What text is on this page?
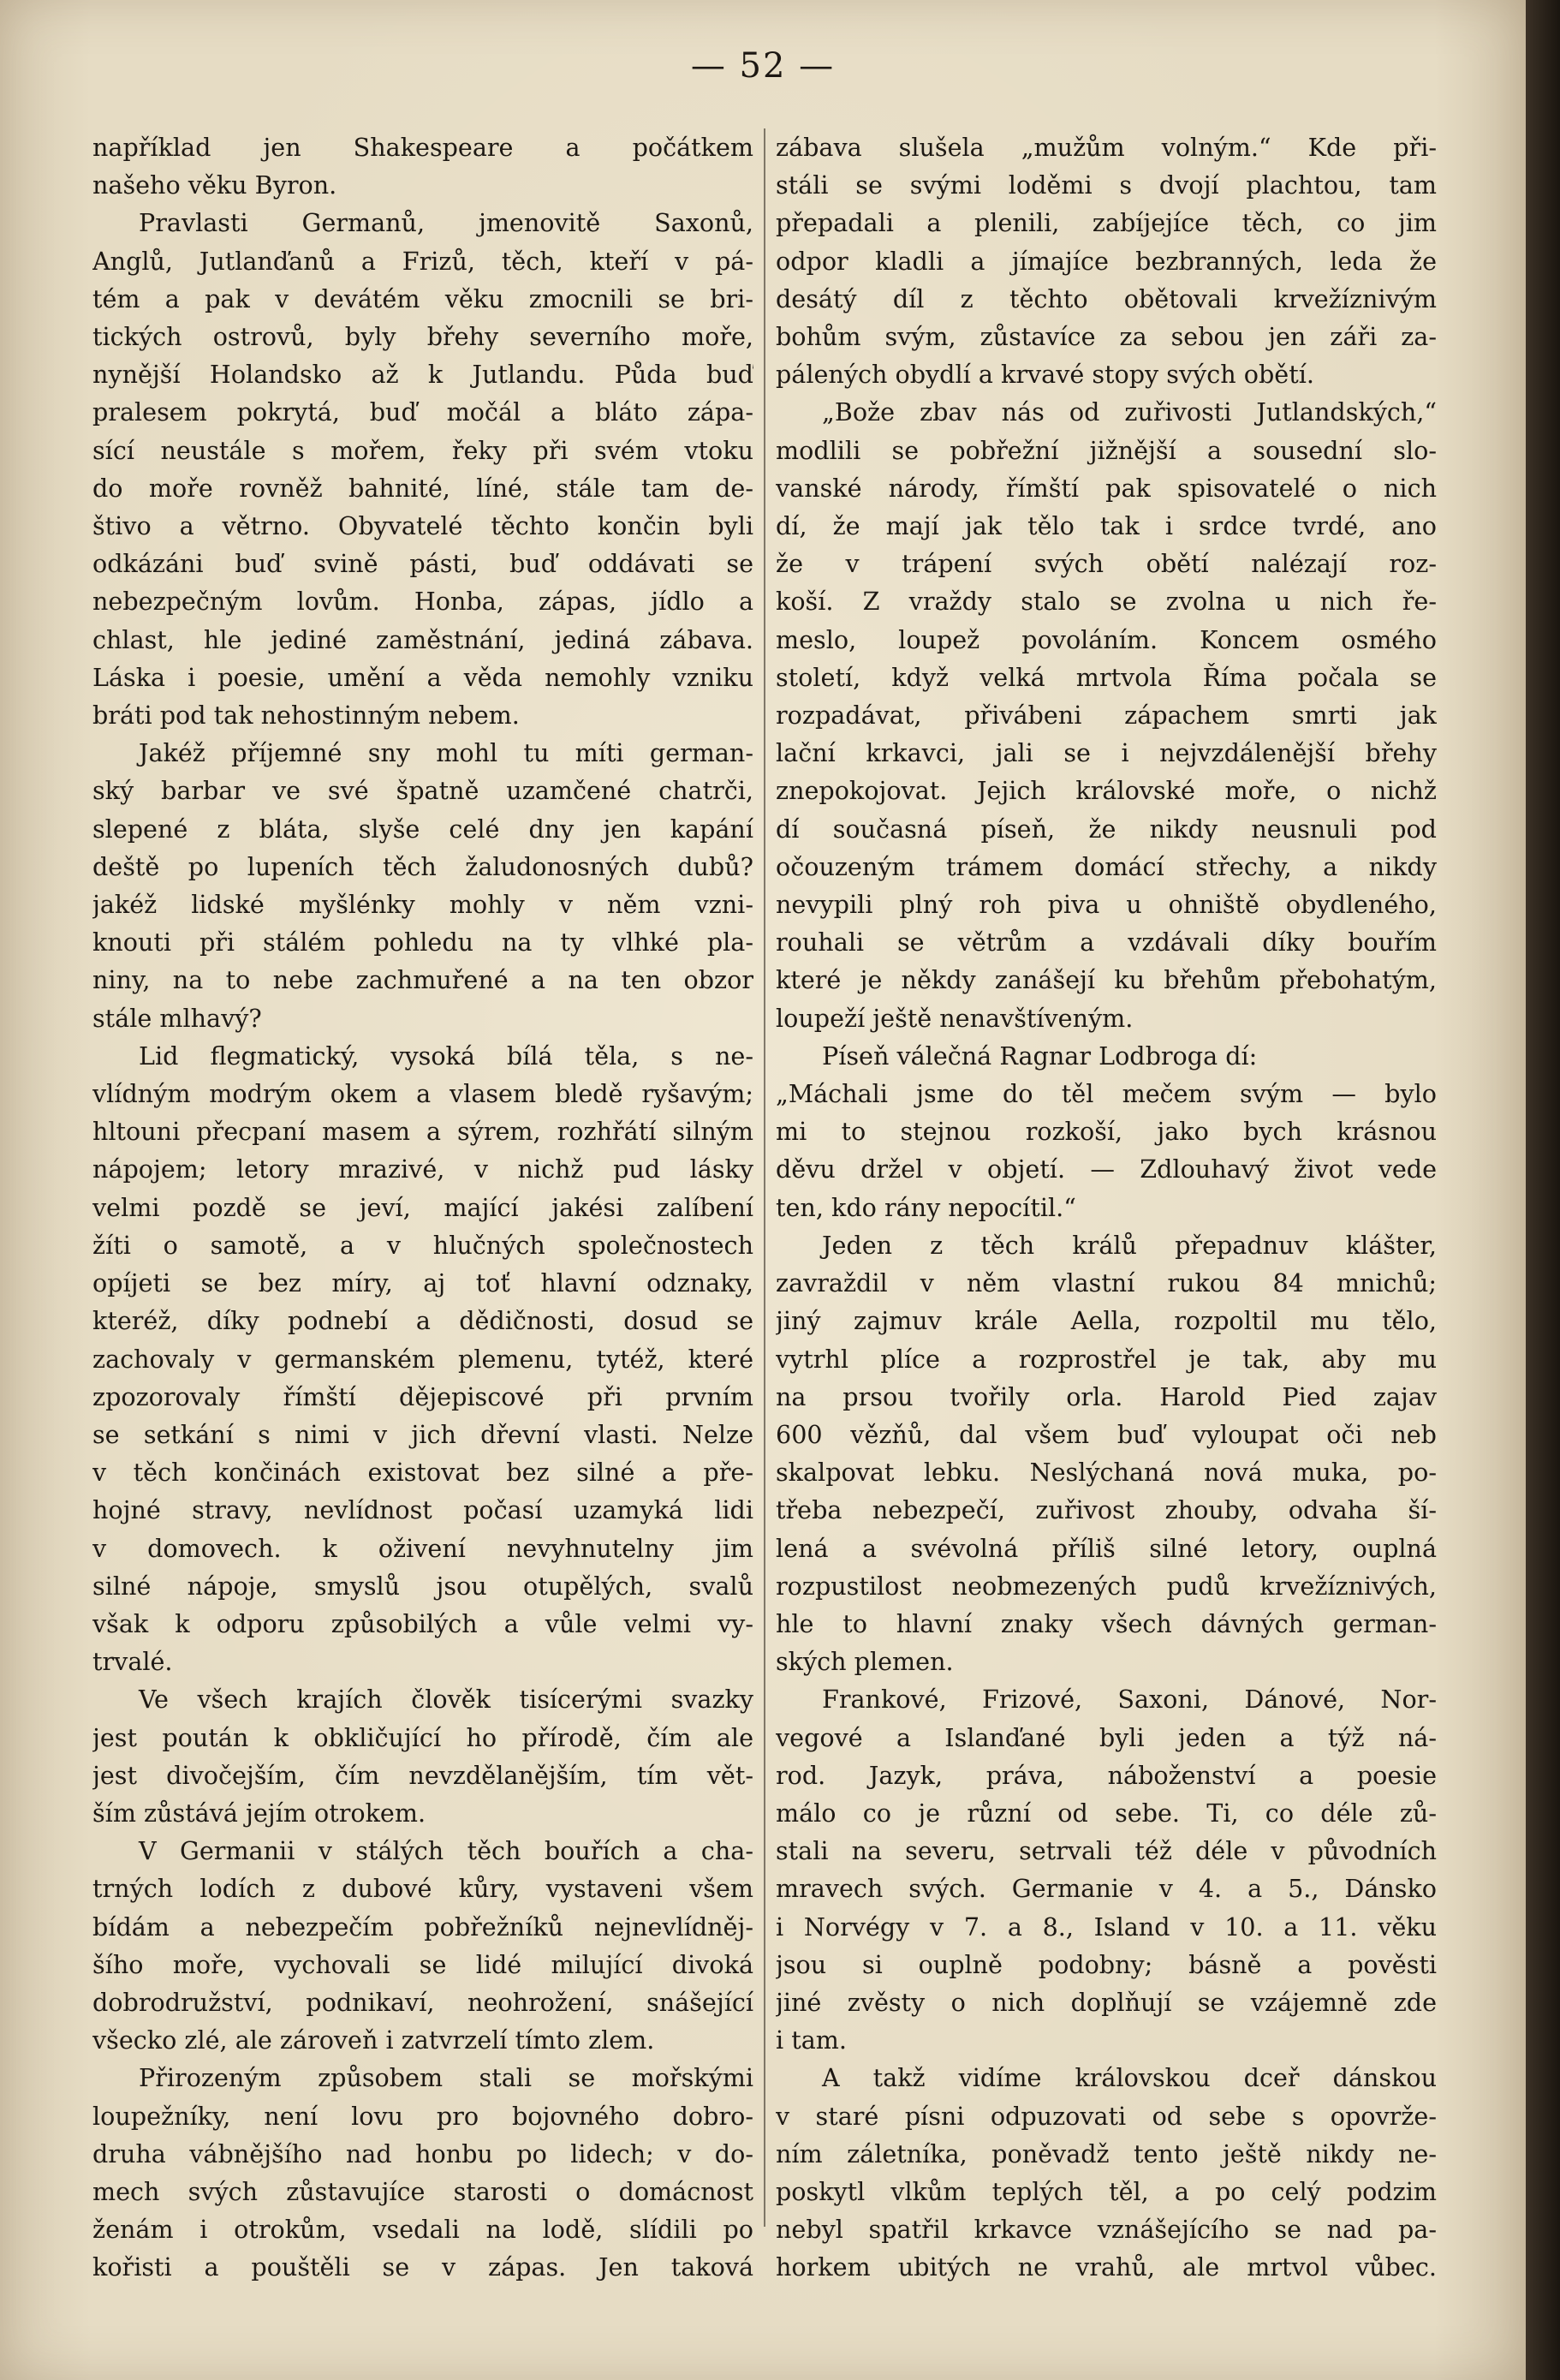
— 52 —
například jen Shakespeare a počátkem
našeho věku Byron.
Pravlasti Germanů, jmenovitě Saxonů,
Anglů, Jutlanďanů a Frizů, těch, kteří v pá-
tém a pak v devátém věku zmocnili se bri-
tických ostrovů, byly břehy severního moře,
nynější Holandsko až k Jutlandu. Půda buď
pralesem pokrytá, buď močál a bláto zápa-
sící neustále s mořem, řeky při svém vtoku
do moře rovněž bahnité, líné, stále tam de-
štivo a větrno. Obyvatelé těchto končin byli
odkázáni buď svině pásti, buď oddávati se
nebezpečným lovům. Honba, zápas, jídlo a
chlast, hle jediné zaměstnání, jediná zábava.
Láska i poesie, umění a věda nemohly vzniku
bráti pod tak nehostinným nebem.
Jakéž příjemné sny mohl tu míti german-
ský barbar ve své špatně uzamčené chatrči,
slepené z bláta, slyše celé dny jen kapání
deště po lupeních těch žaludonosných dubů?
jakéž lidské myšlénky mohly v něm vzni-
knouti při stálém pohledu na ty vlhké pla-
niny, na to nebe zachmuřené a na ten obzor
stále mlhavý?
Lid flegmatický, vysoká bílá těla, s ne-
vlídným modrým okem a vlasem bledě ryšavým;
hltouni přecpaní masem a sýrem, rozhřátí silným
nápojem; letory mrazivé, v nichž pud lásky
velmi pozdě se jeví, mající jakési zalíbení
žíti o samotě, a v hlučných společnostech
opíjeti se bez míry, aj toť hlavní odznaky,
kteréž, díky podnebí a dědičnosti, dosud se
zachovaly v germanském plemenu, tytéž, které
zpozorovaly římští dějepiscové při prvním
se setkání s nimi v jich dřevní vlasti. Nelze
v těch končinách existovat bez silné a pře-
hojné stravy, nevlídnost počasí uzamyká lidi
v domovech. k oživení nevyhnutelny jim
silné nápoje, smyslů jsou otupělých, svalů
však k odporu způsobilých a vůle velmi vy-
trvalé.
Ve všech krajích člověk tisícerými svazky
jest poután k obkličující ho přírodě, čím ale
jest divočejším, čím nevzdělanějším, tím vět-
ším zůstává jejím otrokem.
V Germanii v stálých těch bouřích a cha-
trných lodích z dubové kůry, vystaveni všem
bídám a nebezpečím pobřežníků nejnevlídněj-
šího moře, vychovali se lidé milující divoká
dobrodružství, podnikaví, neohrožení, snášející
všecko zlé, ale zároveň i zatvrzelí tímto zlem.
Přirozeným způsobem stali se mořskými
loupežníky, není lovu pro bojovného dobro-
druha vábnějšího nad honbu po lidech; v do-
mech svých zůstavujíce starosti o domácnost
ženám i otrokům, vsedali na lodě, slídili po
kořisti a pouštěli se v zápas. Jen taková
zábava slušela „mužům volným.“ Kde při-
stáli se svými loděmi s dvojí plachtou, tam
přepadali a plenili, zabíjejíce těch, co jim
odpor kladli a jímajíce bezbranných, leda že
desátý díl z těchto obětovali krvežíznivým
bohům svým, zůstavíce za sebou jen záři za-
pálených obydlí a krvavé stopy svých obětí.
„Bože zbav nás od zuřivosti Jutlandských,“
modlili se pobřežní jižnější a sousední slo-
vanské národy, římští pak spisovatelé o nich
dí, že mají jak tělo tak i srdce tvrdé, ano
že v trápení svých obětí nalézají roz-
koší. Z vraždy stalo se zvolna u nich ře-
meslo, loupež povoláním. Koncem osmého
století, když velká mrtvola Říma počala se
rozpadávat, přivábeni zápachem smrti jak
lační krkavci, jali se i nejvzdálenější břehy
znepokojovat. Jejich královské moře, o nichž
dí současná píseň, že nikdy neusnuli pod
očouzeným trámem domácí střechy, a nikdy
nevypili plný roh piva u ohniště obydleného,
rouhali se větrům a vzdávali díky bouřím
které je někdy zanášejí ku břehům přebohatým,
loupeží ještě nenavštíveným.
Píseň válečná Ragnar Lodbroga dí:
„Máchali jsme do těl mečem svým — bylo
mi to stejnou rozkoší, jako bych krásnou
děvu držel v objetí. — Zdlouhavý život vede
ten, kdo rány nepocítil.“
Jeden z těch králů přepadnuv klášter,
zavraždil v něm vlastní rukou 84 mnichů;
jiný zajmuv krále Aella, rozpoltil mu tělo,
vytrhl plíce a rozprostřel je tak, aby mu
na prsou tvořily orla. Harold Pied zajav
600 vězňů, dal všem buď vyloupat oči neb
skalpovat lebku. Neslýchaná nová muka, po-
třeba nebezpečí, zuřivost zhouby, odvaha ší-
lená a svévolná příliš silné letory, ouplná
rozpustilost neobmezených pudů krvežíznivých,
hle to hlavní znaky všech dávných german-
ských plemen.
Frankové, Frizové, Saxoni, Dánové, Nor-
vegové a Islanďané byli jeden a týž ná-
rod. Jazyk, práva, náboženství a poesie
málo co je různí od sebe. Ti, co déle zů-
stali na severu, setrvali též déle v původních
mravech svých. Germanie v 4. a 5., Dánsko
i Norvégy v 7. a 8., Island v 10. a 11. věku
jsou si ouplně podobny; básně a pověsti
jiné zvěsty o nich doplňují se vzájemně zde
i tam.
A takž vidíme královskou dceř dánskou
v staré písni odpuzovati od sebe s opovrže-
ním záletníka, poněvadž tento ještě nikdy ne-
poskytl vlkům teplých těl, a po celý podzim
nebyl spatřil krkavce vznášejícího se nad pa-
horkem ubitých ne vrahů, ale mrtvol vůbec.
